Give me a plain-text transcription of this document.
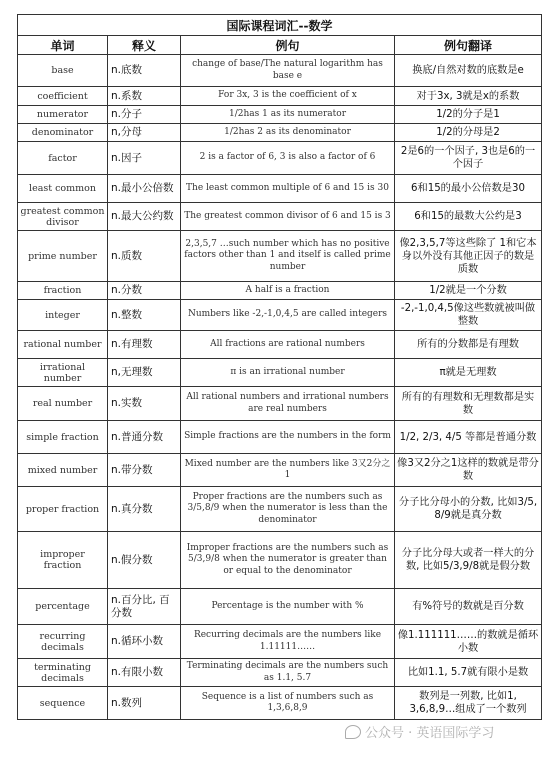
国际课程词汇--数学			
单词	释义	例句	例句翻译
base	n.底数	change of base/The natural logarithm has base e	换底/自然对数的底数是e
coefficient	n.系数	For 3x, 3 is the coefficient of x	对于3x, 3就是x的系数
numerator	n.分子	1/2has 1 as its numerator	1/2的分子是1
denominator	n,分母	1/2has 2 as its denominator	1/2的分母是2
factor	n.因子	2 is a factor of 6, 3 is also a factor of 6	2是6的一个因子, 3也是6的一个因子
least common	n.最小公倍数	The least common multiple of 6 and 15 is 30	6和15的最小公倍数是30
greatest common divisor	n.最大公约数	The greatest common divisor of 6 and 15 is 3	6和15的最数大公约是3
prime number	n.质数	2,3,5,7 …such number which has no positive factors other than 1 and itself is called prime number	像2,3,5,7等这些除了 1和它本身以外没有其他正因子的数是质数
fraction	n.分数	A half is a fraction	1/2就是一个分数
integer	n.整数	Numbers like -2,-1,0,4,5 are called integers	-2,-1,0,4,5像这些数就被叫做整数
rational number	n.有理数	All fractions are rational numbers	所有的分数都是有理数
irrational number	n,无理数	π is an irrational number	π就是无理数
real number	n.实数	All rational numbers and irrational numbers are real numbers	所有的有理数和无理数都是实数
simple fraction	n.普通分数	Simple fractions are the numbers in the form	1/2, 2/3, 4/5 等都是普通分数
mixed number	n.带分数	Mixed number are the numbers like 3又2分之1	像3又2分之1这样的数就是带分数
proper fraction	n.真分数	Proper fractions are the numbers such as 3/5,8/9 when the numerator is less than the denominator	分子比分母小的分数, 比如3/5, 8/9就是真分数
improper fraction	n.假分数	Improper fractions are the numbers such as 5/3,9/8 when the numerator is greater than or equal to the denominator	分子比分母大或者一样大的分数, 比如5/3,9/8就是假分数
percentage	n.百分比, 百分数	Percentage is the number with %	有%符号的数就是百分数
recurring decimals	n.循环小数	Recurring decimals are the numbers like 1.11111……	像1.111111……的数就是循环小数
terminating decimals	n.有限小数	Terminating decimals are the numbers such as 1.1, 5.7	比如1.1, 5.7就有限小是数
sequence	n.数列	Sequence is a list of numbers such as 1,3,6,8,9	数列是一列数, 比如1, 3,6,8,9…组成了一个数列
公众号 · 英语国际学习
